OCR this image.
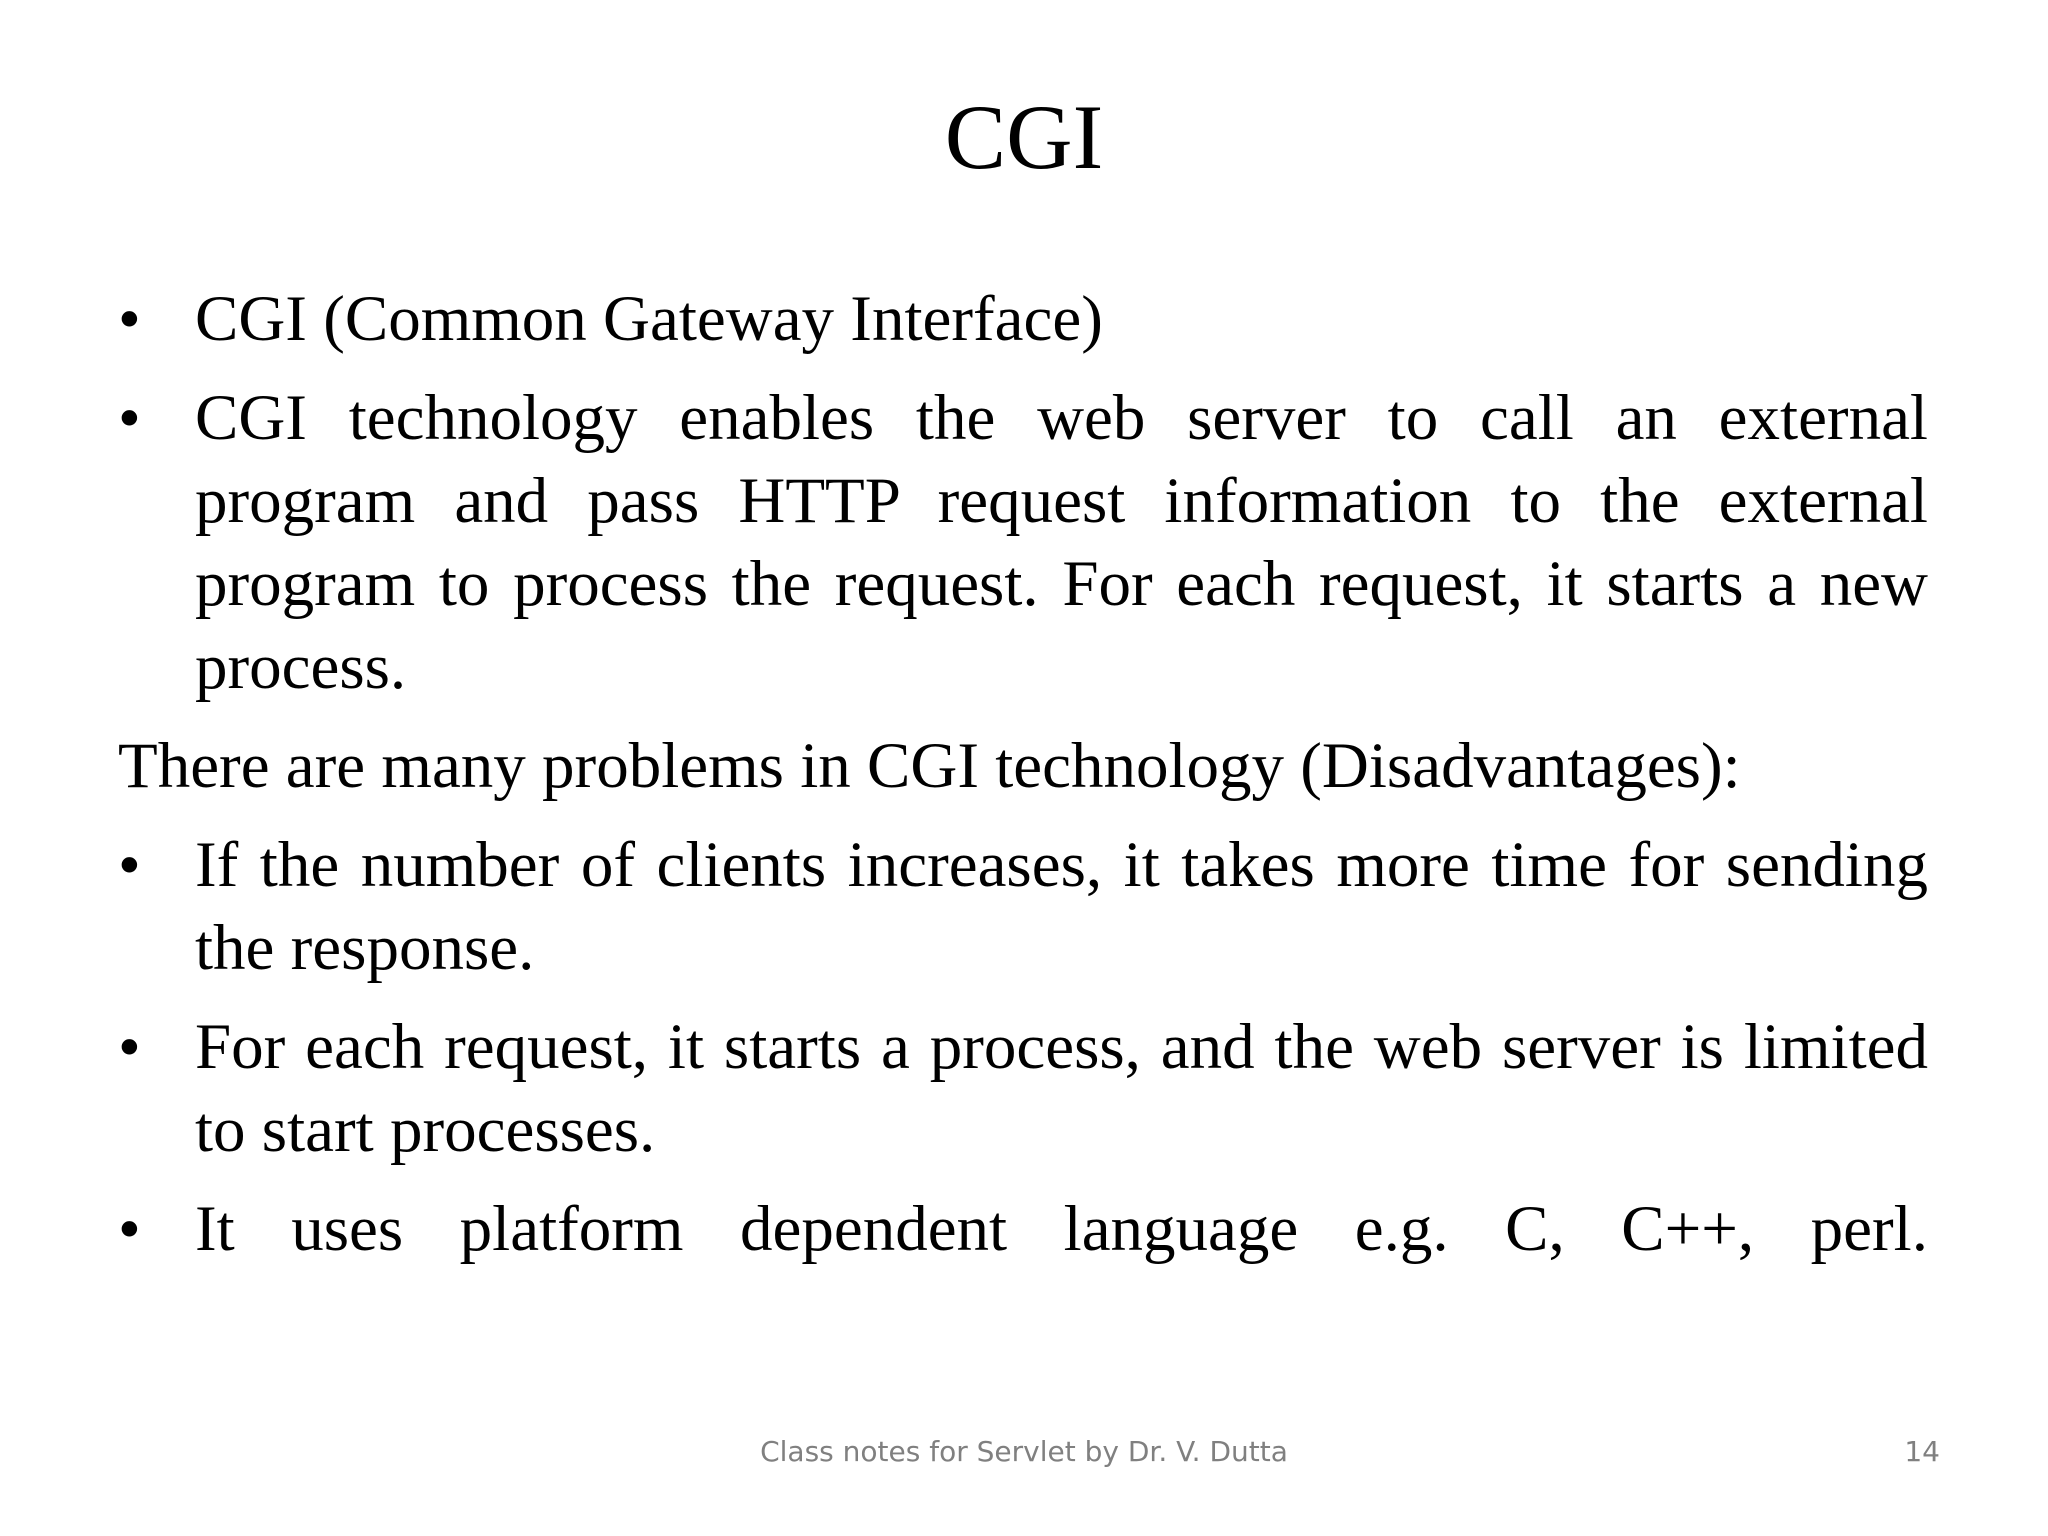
CGI
• CGI (Common Gateway Interface)
• CGI technology enables the web server to call an external program and pass HTTP request information to the external program to process the request. For each request, it starts a new process.
There are many problems in CGI technology (Disadvantages):
• If the number of clients increases, it takes more time for sending the response.
• For each request, it starts a process, and the web server is limited to start processes.
• It uses platform dependent language e.g. C, C++, perl.
Class notes for Servlet by Dr. V. Dutta	14
